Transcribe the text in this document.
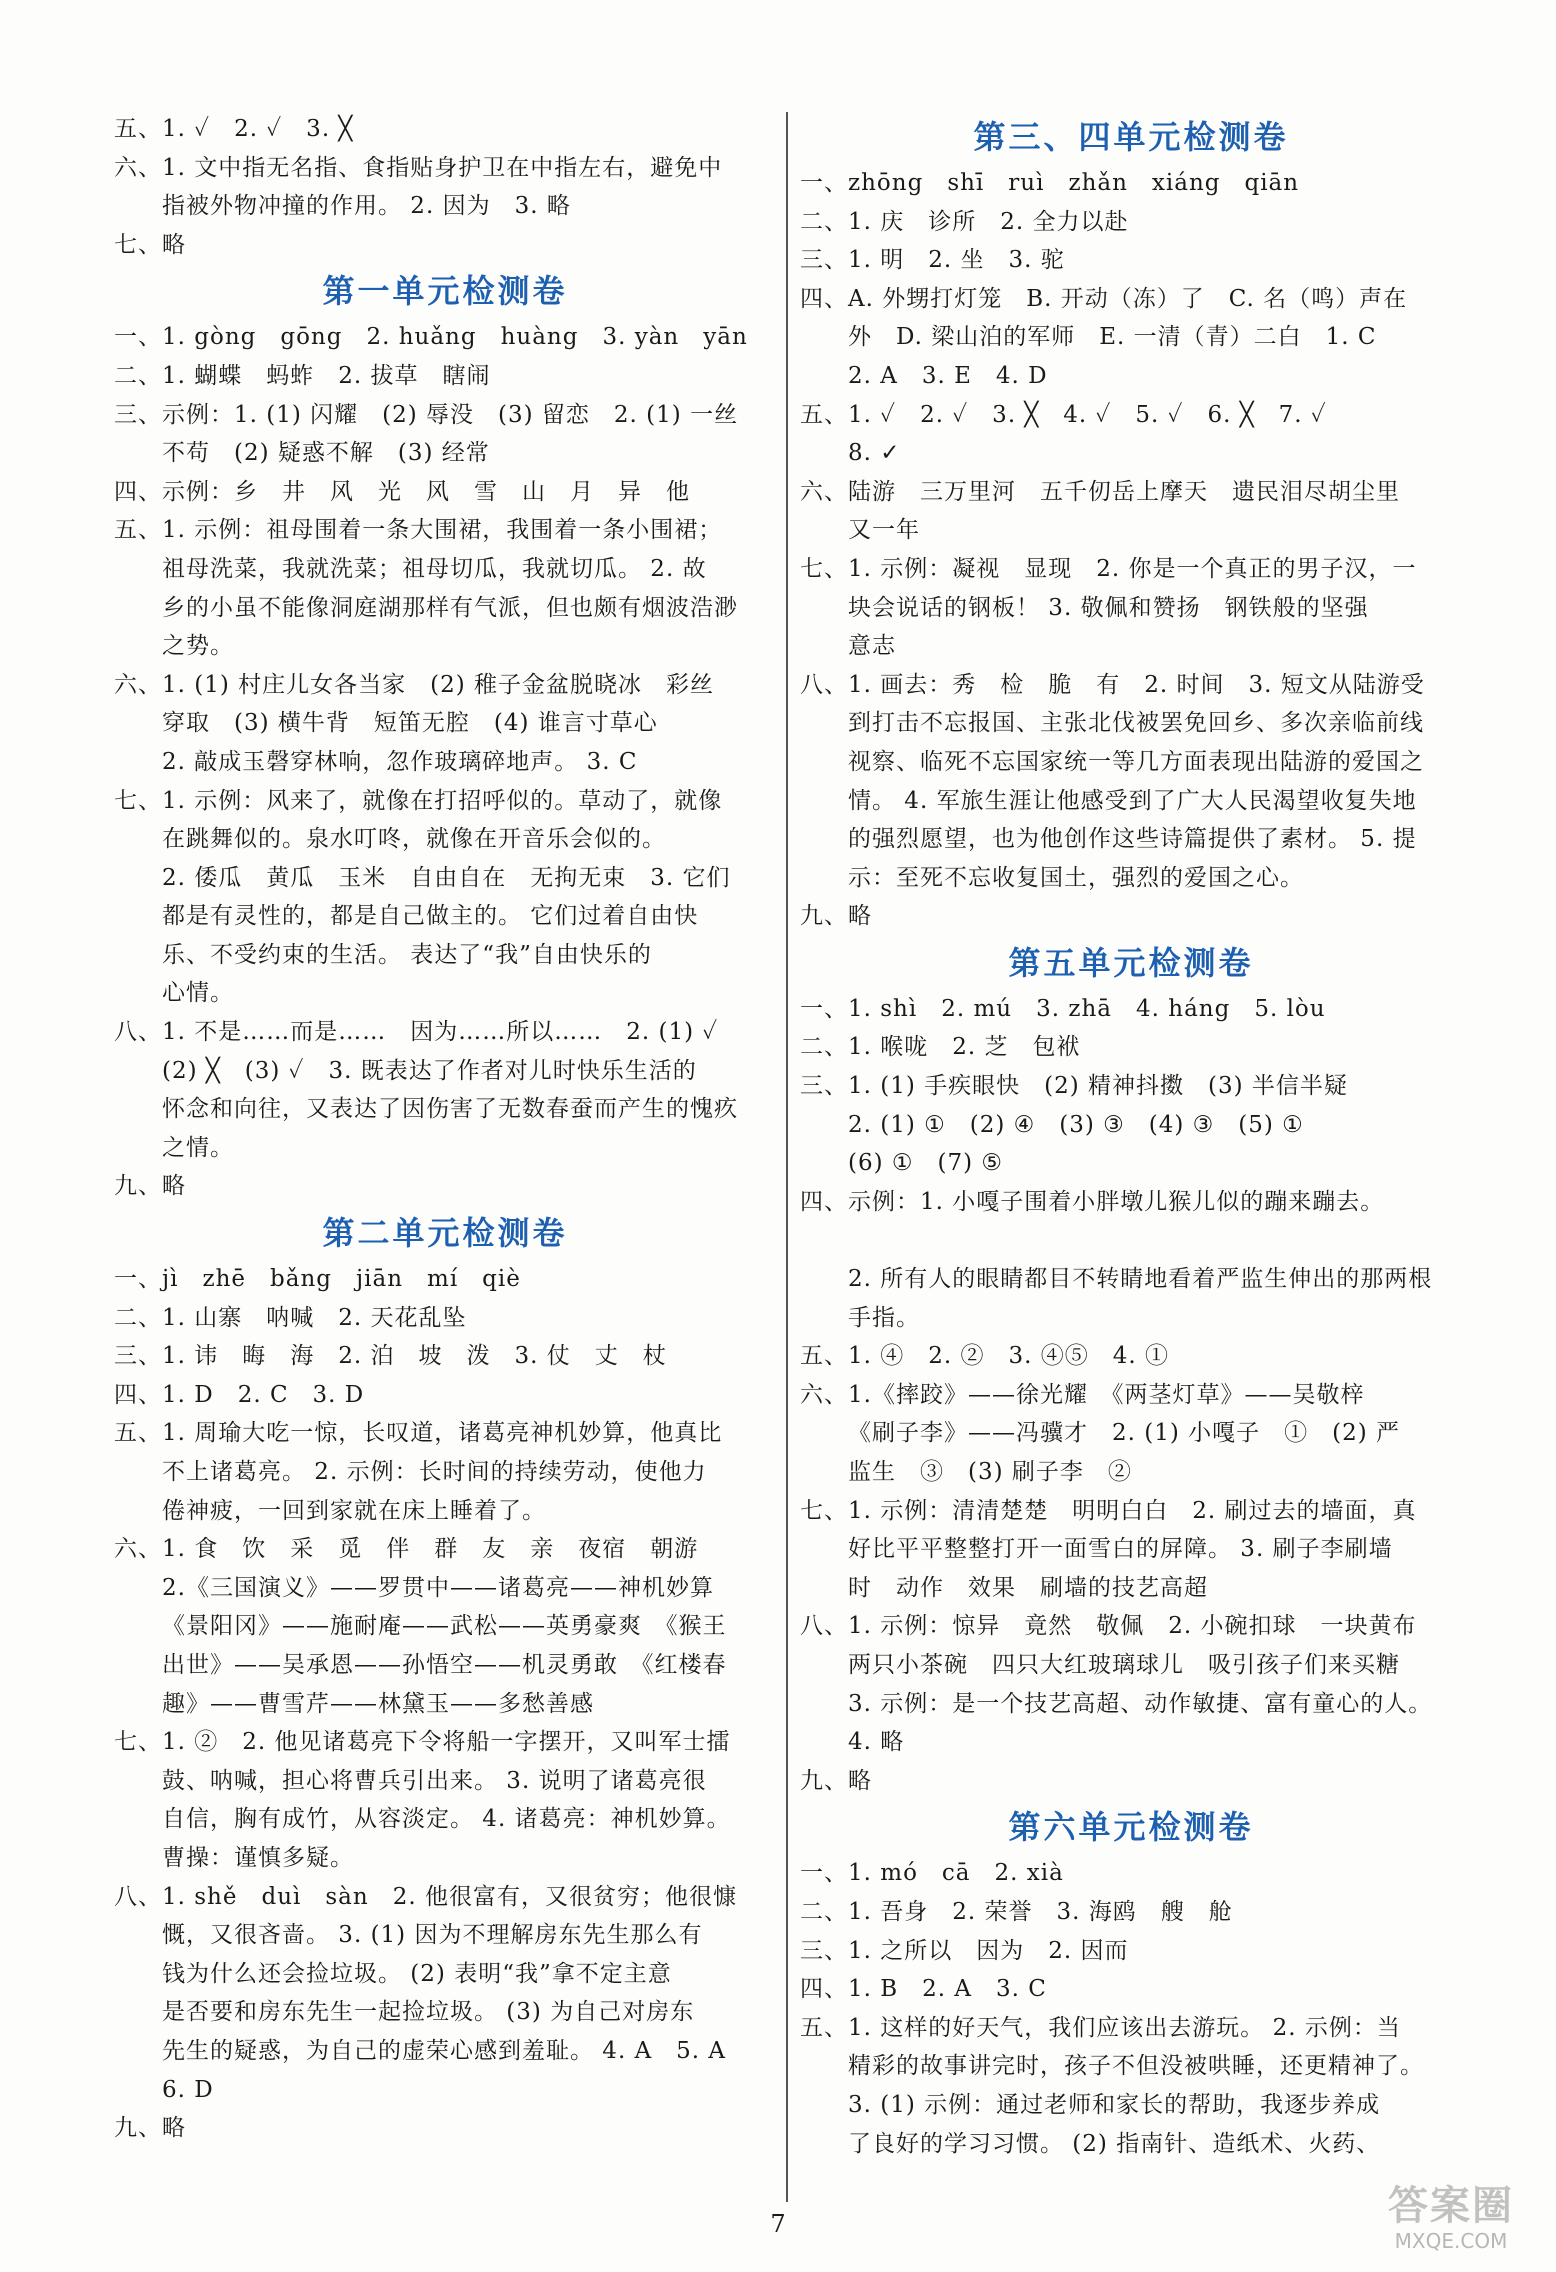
五、1. ✓　2. ✓　3. ╳
六、1. 文中指无名指、食指贴身护卫在中指左右，避免中
指被外物冲撞的作用。 2. 因为　3. 略
七、略
第一单元检测卷
一、1. gòng　gōng　2. huǎng　huàng　3. yàn　yān
二、1. 蝴蝶　蚂蚱　2. 拔草　瞎闹
三、示例：1. (1) 闪耀　(2) 辱没　(3) 留恋　2. (1) 一丝
不苟　(2) 疑惑不解　(3) 经常
四、示例：乡　井　风　光　风　雪　山　月　异　他
五、1. 示例：祖母围着一条大围裙，我围着一条小围裙；
祖母洗菜，我就洗菜；祖母切瓜，我就切瓜。 2. 故
乡的小虽不能像洞庭湖那样有气派，但也颇有烟波浩渺
之势。
六、1. (1) 村庄儿女各当家　(2) 稚子金盆脱晓冰　彩丝
穿取　(3) 横牛背　短笛无腔　(4) 谁言寸草心
2. 敲成玉磬穿林响，忽作玻璃碎地声。 3. C
七、1. 示例：风来了，就像在打招呼似的。草动了，就像
在跳舞似的。泉水叮咚，就像在开音乐会似的。
2. 倭瓜　黄瓜　玉米　自由自在　无拘无束　3. 它们
都是有灵性的，都是自己做主的。 它们过着自由快
乐、不受约束的生活。 表达了“我”自由快乐的
心情。
八、1. 不是……而是……　因为……所以……　2. (1) ✓
(2) ╳　(3) ✓　3. 既表达了作者对儿时快乐生活的
怀念和向往，又表达了因伤害了无数春蚕而产生的愧疚
之情。
九、略
第二单元检测卷
一、jì　zhē　bǎng　jiān　mí　qiè
二、1. 山寨　呐喊　2. 天花乱坠
三、1. 讳　晦　海　2. 泊　坡　泼　3. 仗　丈　杖
四、1. D　2. C　3. D
五、1. 周瑜大吃一惊，长叹道，诸葛亮神机妙算，他真比
不上诸葛亮。 2. 示例：长时间的持续劳动，使他力
倦神疲，一回到家就在床上睡着了。
六、1. 食　饮　采　觅　伴　群　友　亲　夜宿　朝游
2.《三国演义》——罗贯中——诸葛亮——神机妙算
《景阳冈》——施耐庵——武松——英勇豪爽　《猴王
出世》——吴承恩——孙悟空——机灵勇敢　《红楼春
趣》——曹雪芹——林黛玉——多愁善感
七、1. ②　2. 他见诸葛亮下令将船一字摆开，又叫军士擂
鼓、呐喊，担心将曹兵引出来。 3. 说明了诸葛亮很
自信，胸有成竹，从容淡定。 4. 诸葛亮：神机妙算。
曹操：谨慎多疑。
八、1. shě　duì　sàn　2. 他很富有，又很贫穷；他很慷
慨，又很吝啬。 3. (1) 因为不理解房东先生那么有
钱为什么还会捡垃圾。 (2) 表明“我”拿不定主意
是否要和房东先生一起捡垃圾。 (3) 为自己对房东
先生的疑惑，为自己的虚荣心感到羞耻。 4. A　5. A
6. D
九、略
第三、四单元检测卷
一、zhōng　shī　ruì　zhǎn　xiáng　qiān
二、1. 庆　诊所　2. 全力以赴
三、1. 明　2. 坐　3. 驼
四、A. 外甥打灯笼　B. 开动（冻）了　C. 名（鸣）声在
外　D. 梁山泊的军师　E. 一清（青）二白　1. C
2. A　3. E　4. D
五、1. ✓　2. ✓　3. ╳　4. ✓　5. ✓　6. ╳　7. ✓
8. ✓
六、陆游　三万里河　五千仞岳上摩天　遗民泪尽胡尘里
又一年
七、1. 示例：凝视　显现　2. 你是一个真正的男子汉，一
块会说话的钢板！ 3. 敬佩和赞扬　钢铁般的坚强
意志
八、1. 画去：秀　检　脆　有　2. 时间　3. 短文从陆游受
到打击不忘报国、主张北伐被罢免回乡、多次亲临前线
视察、临死不忘国家统一等几方面表现出陆游的爱国之
情。 4. 军旅生涯让他感受到了广大人民渴望收复失地
的强烈愿望，也为他创作这些诗篇提供了素材。 5. 提
示：至死不忘收复国土，强烈的爱国之心。
九、略
第五单元检测卷
一、1. shì　2. mú　3. zhā　4. háng　5. lòu
二、1. 喉咙　2. 芝　包袱
三、1. (1) 手疾眼快　(2) 精神抖擞　(3) 半信半疑
2. (1) ①　(2) ④　(3) ③　(4) ③　(5) ①
(6) ①　(7) ⑤
四、示例：1. 小嘎子围着小胖墩儿猴儿似的蹦来蹦去。
2. 所有人的眼睛都目不转睛地看着严监生伸出的那两根
手指。
五、1. ④　2. ②　3. ④⑤　4. ①
六、1.《摔跤》——徐光耀　《两茎灯草》——吴敬梓
《刷子李》——冯骥才　2. (1) 小嘎子　①　(2) 严
监生　③　(3) 刷子李　②
七、1. 示例：清清楚楚　明明白白　2. 刷过去的墙面，真
好比平平整整打开一面雪白的屏障。 3. 刷子李刷墙
时　动作　效果　刷墙的技艺高超
八、1. 示例：惊异　竟然　敬佩　2. 小碗扣球　一块黄布
两只小茶碗　四只大红玻璃球儿　吸引孩子们来买糖
3. 示例：是一个技艺高超、动作敏捷、富有童心的人。
4. 略
九、略
第六单元检测卷
一、1. mó　cā　2. xià
二、1. 吾身　2. 荣誉　3. 海鸥　艘　舱
三、1. 之所以　因为　2. 因而
四、1. B　2. A　3. C
五、1. 这样的好天气，我们应该出去游玩。 2. 示例：当
精彩的故事讲完时，孩子不但没被哄睡，还更精神了。
3. (1) 示例：通过老师和家长的帮助，我逐步养成
了良好的学习习惯。 (2) 指南针、造纸术、火药、
7	答案圈
MXQE.COM
